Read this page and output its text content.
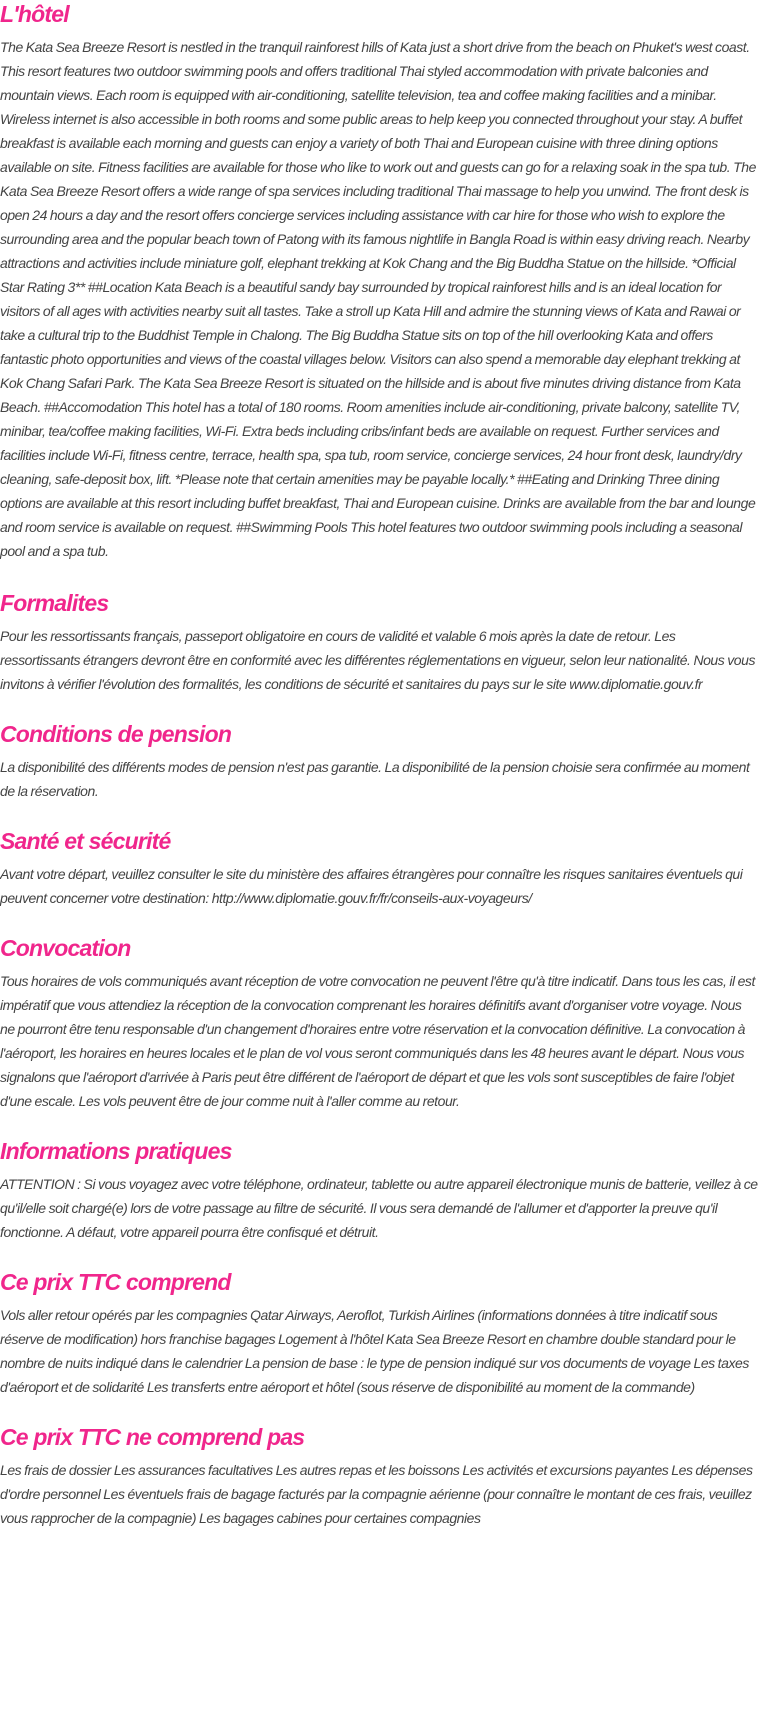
L'hôtel

The Kata Sea Breeze Resort is nestled in the tranquil rainforest hills of Kata just a short drive from the beach on Phuket's west coast. This resort features two outdoor swimming pools and offers traditional Thai styled accommodation with private balconies and mountain views. Each room is equipped with air-conditioning, satellite television, tea and coffee making facilities and a minibar. Wireless internet is also accessible in both rooms and some public areas to help keep you connected throughout your stay. A buffet breakfast is available each morning and guests can enjoy a variety of both Thai and European cuisine with three dining options available on site. Fitness facilities are available for those who like to work out and guests can go for a relaxing soak in the spa tub. The Kata Sea Breeze Resort offers a wide range of spa services including traditional Thai massage to help you unwind. The front desk is open 24 hours a day and the resort offers concierge services including assistance with car hire for those who wish to explore the surrounding area and the popular beach town of Patong with its famous nightlife in Bangla Road is within easy driving reach. Nearby attractions and activities include miniature golf, elephant trekking at Kok Chang and the Big Buddha Statue on the hillside. *Official Star Rating 3** ##Location Kata Beach is a beautiful sandy bay surrounded by tropical rainforest hills and is an ideal location for visitors of all ages with activities nearby suit all tastes. Take a stroll up Kata Hill and admire the stunning views of Kata and Rawai or take a cultural trip to the Buddhist Temple in Chalong. The Big Buddha Statue sits on top of the hill overlooking Kata and offers fantastic photo opportunities and views of the coastal villages below. Visitors can also spend a memorable day elephant trekking at Kok Chang Safari Park. The Kata Sea Breeze Resort is situated on the hillside and is about five minutes driving distance from Kata Beach. ##Accomodation This hotel has a total of 180 rooms. Room amenities include air-conditioning, private balcony, satellite TV, minibar, tea/coffee making facilities, Wi-Fi. Extra beds including cribs/infant beds are available on request. Further services and facilities include Wi-Fi, fitness centre, terrace, health spa, spa tub, room service, concierge services, 24 hour front desk, laundry/dry cleaning, safe-deposit box, lift. *Please note that certain amenities may be payable locally.* ##Eating and Drinking Three dining options are available at this resort including buffet breakfast, Thai and European cuisine. Drinks are available from the bar and lounge and room service is available on request. ##Swimming Pools This hotel features two outdoor swimming pools including a seasonal pool and a spa tub.

Formalites

Pour les ressortissants français, passeport obligatoire en cours de validité et valable 6 mois après la date de retour. Les ressortissants étrangers devront être en conformité avec les différentes réglementations en vigueur, selon leur nationalité. Nous vous invitons à vérifier l'évolution des formalités, les conditions de sécurité et sanitaires du pays sur le site www.diplomatie.gouv.fr

Conditions de pension

La disponibilité des différents modes de pension n'est pas garantie. La disponibilité de la pension choisie sera confirmée au moment de la réservation.

Santé et sécurité

Avant votre départ, veuillez consulter le site du ministère des affaires étrangères pour connaître les risques sanitaires éventuels qui peuvent concerner votre destination: http://www.diplomatie.gouv.fr/fr/conseils-aux-voyageurs/

Convocation

Tous horaires de vols communiqués avant réception de votre convocation ne peuvent l'être qu'à titre indicatif. Dans tous les cas, il est impératif que vous attendiez la réception de la convocation comprenant les horaires définitifs avant d'organiser votre voyage. Nous ne pourront être tenu responsable d'un changement d'horaires entre votre réservation et la convocation définitive. La convocation à l'aéroport, les horaires en heures locales et le plan de vol vous seront communiqués dans les 48 heures avant le départ. Nous vous signalons que l'aéroport d'arrivée à Paris peut être différent de l'aéroport de départ et que les vols sont susceptibles de faire l'objet d'une escale. Les vols peuvent être de jour comme nuit à l'aller comme au retour.

Informations pratiques

ATTENTION : Si vous voyagez avec votre téléphone, ordinateur, tablette ou autre appareil électronique munis de batterie, veillez à ce qu'il/elle soit chargé(e) lors de votre passage au filtre de sécurité. Il vous sera demandé de l'allumer et d'apporter la preuve qu'il fonctionne. A défaut, votre appareil pourra être confisqué et détruit.

Ce prix TTC comprend

Vols aller retour opérés par les compagnies Qatar Airways, Aeroflot, Turkish Airlines (informations données à titre indicatif sous réserve de modification) hors franchise bagages Logement à l'hôtel Kata Sea Breeze Resort en chambre double standard pour le nombre de nuits indiqué dans le calendrier La pension de base : le type de pension indiqué sur vos documents de voyage Les taxes d'aéroport et de solidarité Les transferts entre aéroport et hôtel (sous réserve de disponibilité au moment de la commande)

Ce prix TTC ne comprend pas

Les frais de dossier Les assurances facultatives Les autres repas et les boissons Les activités et excursions payantes Les dépenses d'ordre personnel Les éventuels frais de bagage facturés par la compagnie aérienne (pour connaître le montant de ces frais, veuillez vous rapprocher de la compagnie) Les bagages cabines pour certaines compagnies
